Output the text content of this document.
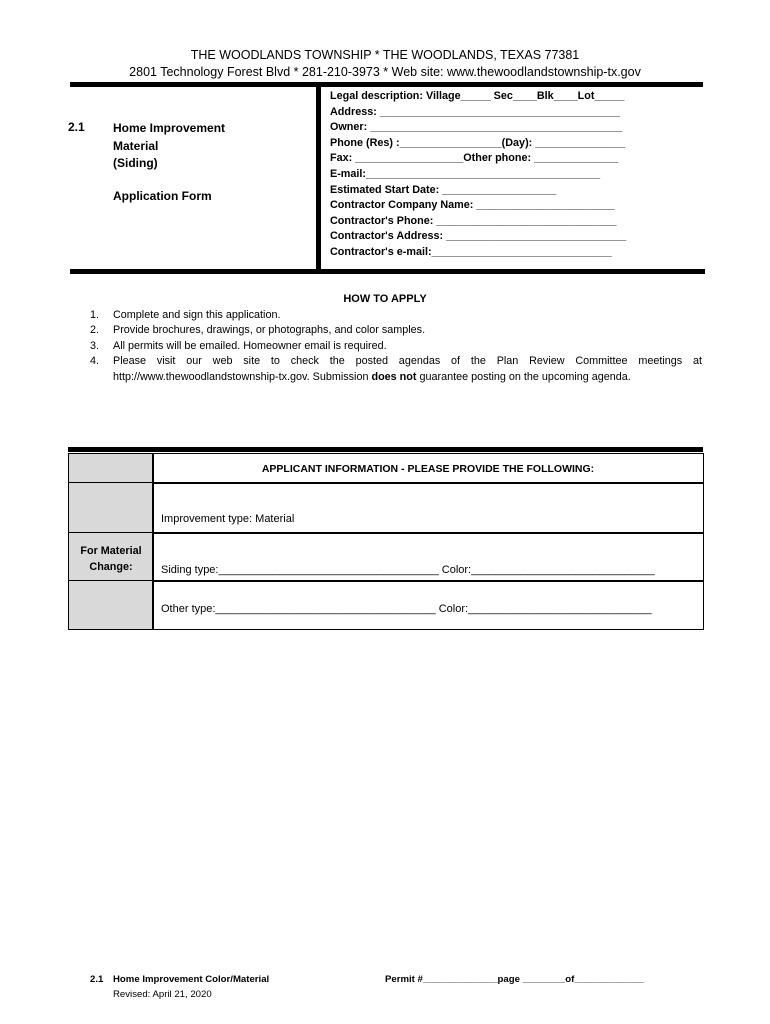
THE WOODLANDS TOWNSHIP * THE WOODLANDS, TEXAS 77381
2801 Technology Forest Blvd * 281-210-3973 * Web site: www.thewoodlandstownship-tx.gov
2.1 Home Improvement
Material
(Siding)
Application Form
Legal description: Village_____ Sec____Blk____Lot_____
Address: ________________________________________
Owner: __________________________________________
Phone (Res) :_________________(Day): _______________
Fax: __________________Other phone: ______________
E-mail:_______________________________________
Estimated Start Date: ___________________
Contractor Company Name: _______________________
Contractor's Phone: ______________________________
Contractor's Address: ______________________________
Contractor's e-mail:______________________________
HOW TO APPLY
1. Complete and sign this application.
2. Provide brochures, drawings, or photographs, and color samples.
3. All permits will be emailed. Homeowner email is required.
4. Please visit our web site to check the posted agendas of the Plan Review Committee meetings at http://www.thewoodlandstownship-tx.gov. Submission does not guarantee posting on the upcoming agenda.
APPLICANT INFORMATION - PLEASE PROVIDE THE FOLLOWING:
Improvement type: Material
For Material
Change:	Siding type:____________________________________ Color:______________________________
Other type:____________________________________ Color:______________________________
2.1 Home Improvement Color/Material
Revised: April 21, 2020
Permit #______________page ________of_____________
